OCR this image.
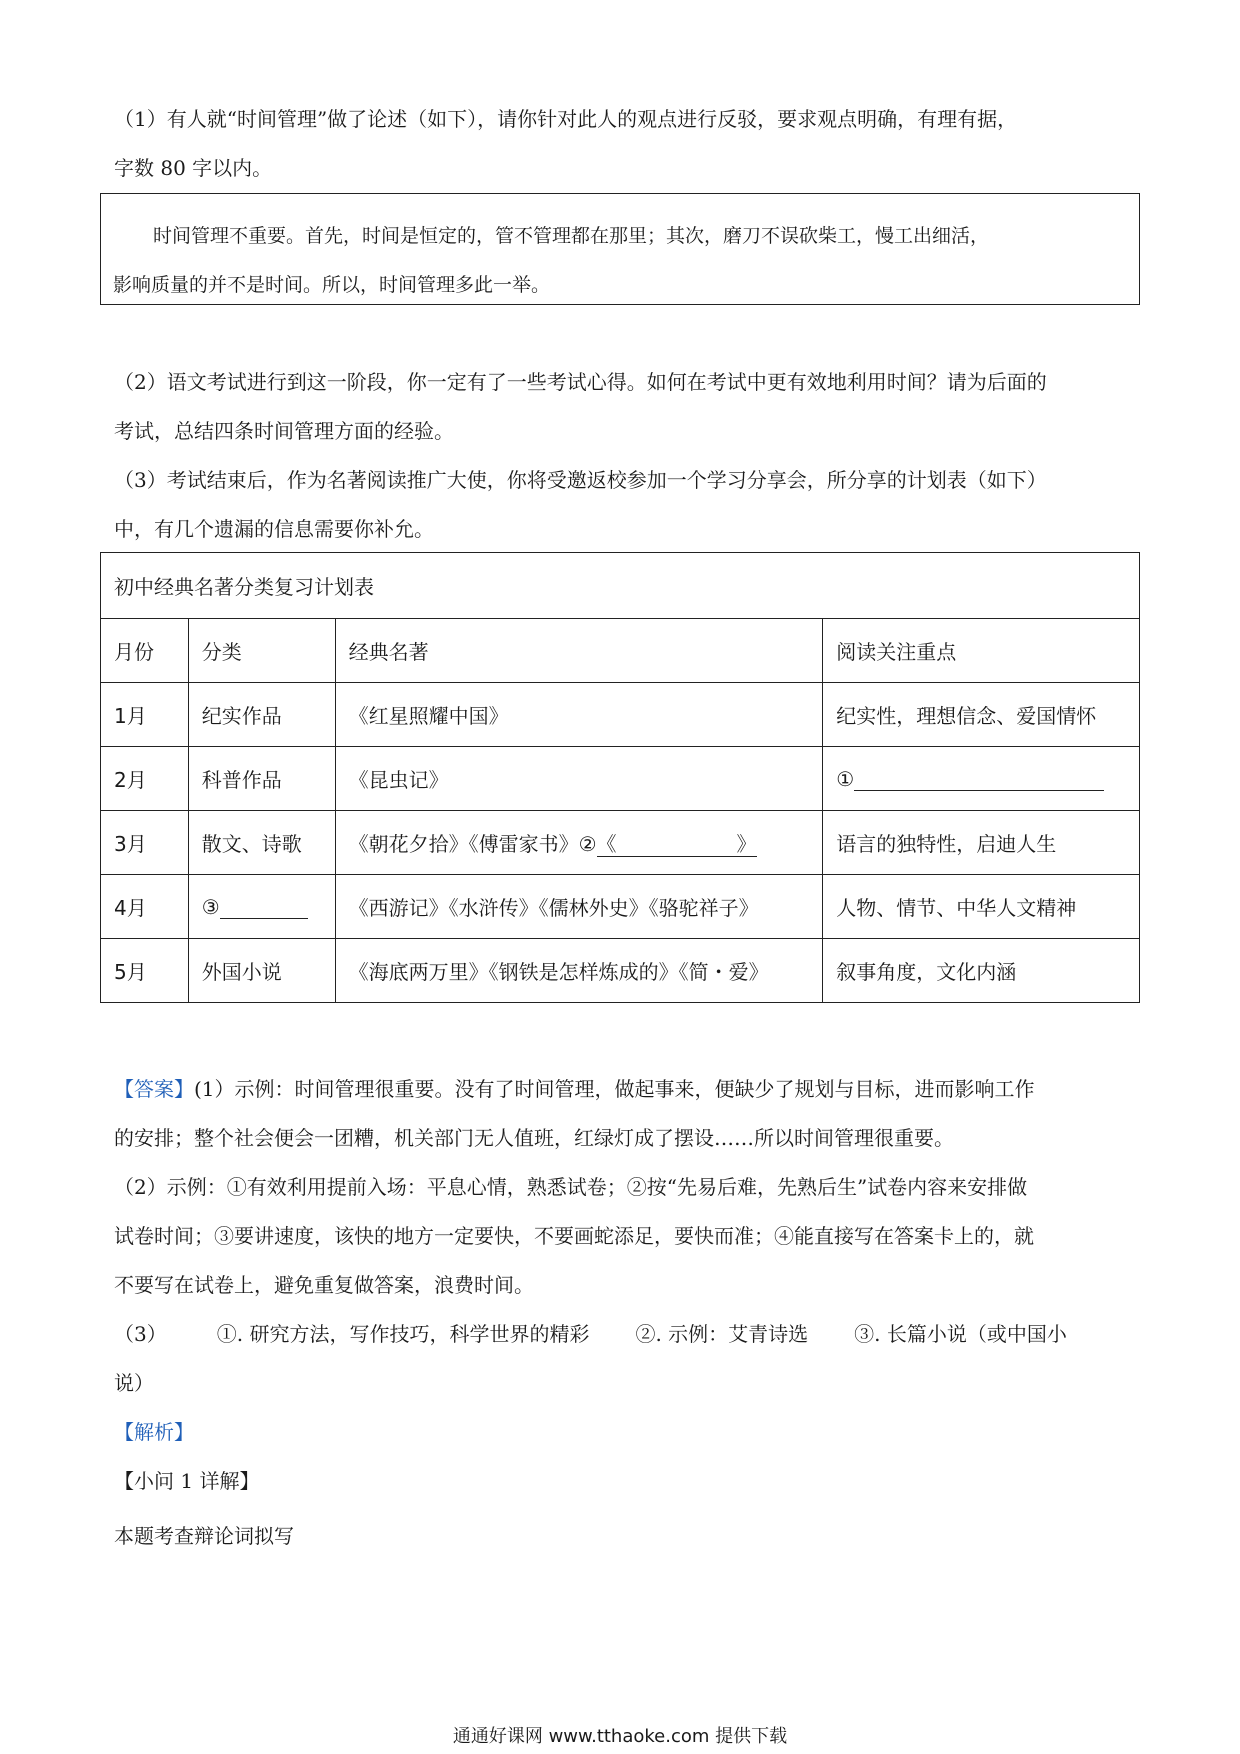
（1）有人就“时间管理”做了论述（如下），请你针对此人的观点进行反驳，要求观点明确，有理有据，

字数 80 字以内。

时间管理不重要。首先，时间是恒定的，管不管理都在那里；其次，磨刀不误砍柴工，慢工出细活，
影响质量的并不是时间。所以，时间管理多此一举。

（2）语文考试进行到这一阶段，你一定有了一些考试心得。如何在考试中更有效地利用时间？请为后面的

考试，总结四条时间管理方面的经验。

（3）考试结束后，作为名著阅读推广大使，你将受邀返校参加一个学习分享会，所分享的计划表（如下）

中，有几个遗漏的信息需要你补允。

初中经典名著分类复习计划表			
月份	分类	经典名著	阅读关注重点
1月	纪实作品	《红星照耀中国》	纪实性，理想信念、爱国情怀
2月	科普作品	《昆虫记》	①
3月	散文、诗歌	《朝花夕拾》《傅雷家书》②《 》	语言的独特性，启迪人生
4月	③	《西游记》《水浒传》《儒林外史》《骆驼祥子》	人物、情节、中华人文精神
5月	外国小说	《海底两万里》《钢铁是怎样炼成的》《简・爱》	叙事角度，文化内涵

【答案】(1）示例：时间管理很重要。没有了时间管理，做起事来，便缺少了规划与目标，进而影响工作

的安排；整个社会便会一团糟，机关部门无人值班，红绿灯成了摆设……所以时间管理很重要。

（2）示例：①有效利用提前入场：平息心情，熟悉试卷；②按“先易后难，先熟后生”试卷内容来安排做

试卷时间；③要讲速度，该快的地方一定要快，不要画蛇添足，要快而准；④能直接写在答案卡上的，就

不要写在试卷上，避免重复做答案，浪费时间。

（3）	①. 研究方法，写作技巧，科学世界的精彩 ②. 示例：艾青诗选 ③. 长篇小说（或中国小

说）

【解析】

【小问 1 详解】

本题考查辩论词拟写

通通好课网 www.tthaoke.com 提供下载
